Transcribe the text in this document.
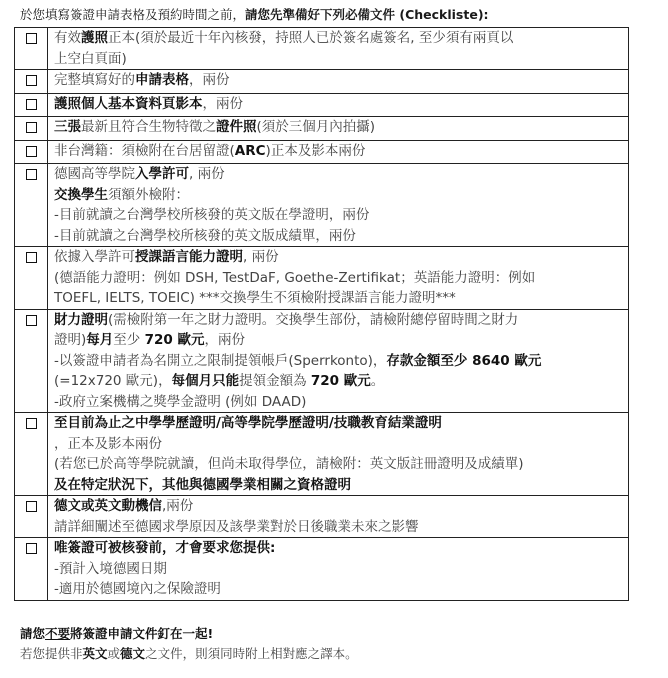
於您填寫簽證申請表格及預約時間之前，請您先準備好下列必備文件 (Checkliste):

	有效護照正本(須於最近十年內核發，持照人已於簽名處簽名, 至少須有兩頁以
上空白頁面)

	完整填寫好的申請表格，兩份

	護照個人基本資料頁影本，兩份

	三張最新且符合生物特徵之證件照(須於三個月內拍攝)

	非台灣籍：須檢附在台居留證(ARC)正本及影本兩份

	德國高等學院入學許可, 兩份
交換學生須額外檢附：
-目前就讀之台灣學校所核發的英文版在學證明，兩份
-目前就讀之台灣學校所核發的英文版成績單，兩份

	依據入學許可授課語言能力證明, 兩份
(德語能力證明：例如 DSH, TestDaF, Goethe-Zertifikat；英語能力證明：例如
TOEFL, IELTS, TOEIC) ***交換學生不須檢附授課語言能力證明***

	財力證明(需檢附第一年之財力證明。交換學生部份，請檢附總停留時間之財力
證明)每月至少 720 歐元，兩份
-以簽證申請者為名開立之限制提領帳戶(Sperrkonto)，存款金額至少 8640 歐元
(=12x720 歐元)，每個月只能提領金額為 720 歐元。
-政府立案機構之獎學金證明 (例如 DAAD)

	至目前為止之中學學歷證明/高等學院學歷證明/技職教育結業證明
，正本及影本兩份
(若您已於高等學院就讀，但尚未取得學位，請檢附：英文版註冊證明及成績單)
及在特定狀況下，其他與德國學業相關之資格證明

	德文或英文動機信,兩份
請詳細闡述至德國求學原因及該學業對於日後職業未來之影響

	唯簽證可被核發前，才會要求您提供:
-預計入境德國日期
-適用於德國境內之保險證明
請您不要將簽證申請文件釘在一起!
若您提供非英文或德文之文件，則須同時附上相對應之譯本。
